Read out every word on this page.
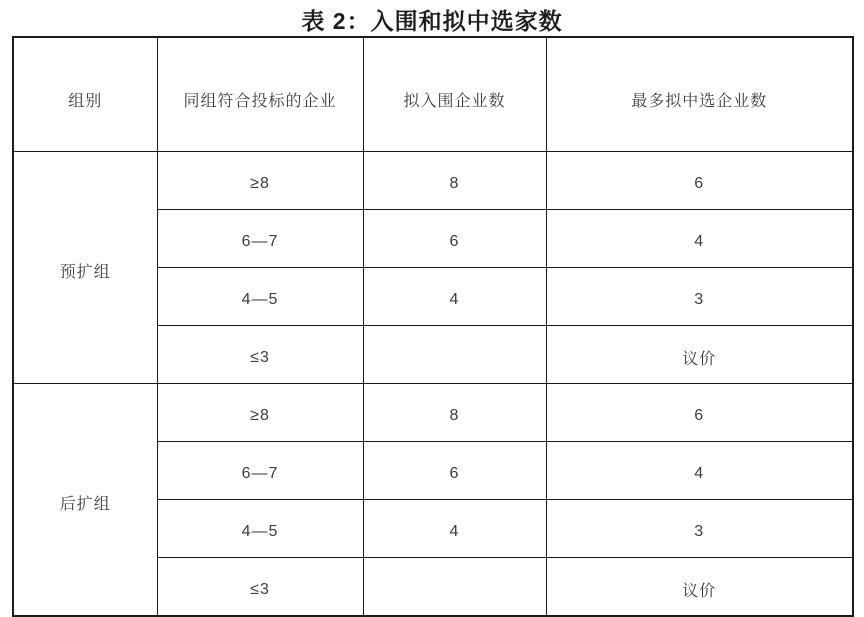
表 2：入围和拟中选家数
组别	同组符合投标的企业	拟入围企业数	最多拟中选企业数
预扩组	≥8	8	6
	6—7	6	4
	4—5	4	3
	≤3		议价
后扩组	≥8	8	6
	6—7	6	4
	4—5	4	3
	≤3		议价
